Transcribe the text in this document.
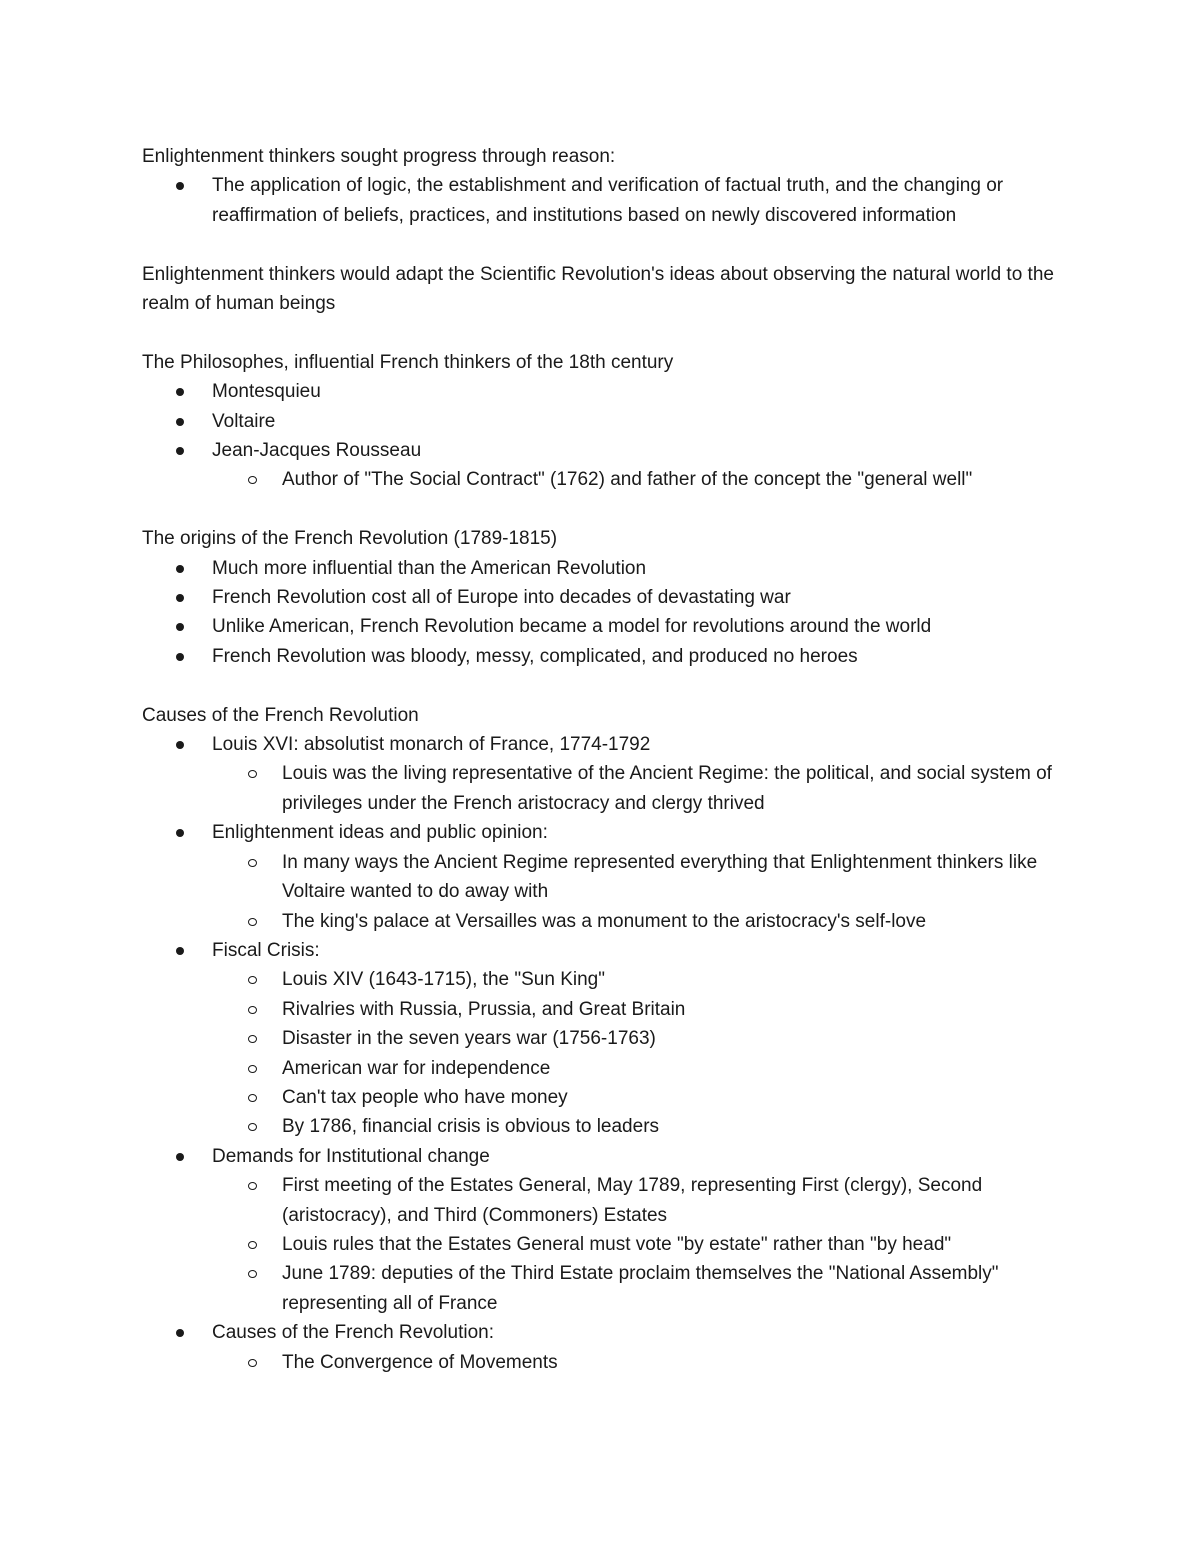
Enlightenment thinkers sought progress through reason:
The application of logic, the establishment and verification of factual truth, and the changing or reaffirmation of beliefs, practices, and institutions based on newly discovered information
Enlightenment thinkers would adapt the Scientific Revolution's ideas about observing the natural world to the realm of human beings
The Philosophes, influential French thinkers of the 18th century
Montesquieu
Voltaire
Jean-Jacques Rousseau
Author of "The Social Contract" (1762) and father of the concept the "general well"
The origins of the French Revolution (1789-1815)
Much more influential than the American Revolution
French Revolution cost all of Europe into decades of devastating war
Unlike American, French Revolution became a model for revolutions around the world
French Revolution was bloody, messy, complicated, and produced no heroes
Causes of the French Revolution
Louis XVI: absolutist monarch of France, 1774-1792
Louis was the living representative of the Ancient Regime: the political, and social system of privileges under the French aristocracy and clergy thrived
Enlightenment ideas and public opinion:
In many ways the Ancient Regime represented everything that Enlightenment thinkers like Voltaire wanted to do away with
The king's palace at Versailles was a monument to the aristocracy's self-love
Fiscal Crisis:
Louis XIV (1643-1715), the "Sun King"
Rivalries with Russia, Prussia, and Great Britain
Disaster in the seven years war (1756-1763)
American war for independence
Can't tax people who have money
By 1786, financial crisis is obvious to leaders
Demands for Institutional change
First meeting of the Estates General, May 1789, representing First (clergy), Second (aristocracy), and Third (Commoners) Estates
Louis rules that the Estates General must vote "by estate" rather than "by head"
June 1789: deputies of the Third Estate proclaim themselves the "National Assembly" representing all of France
Causes of the French Revolution:
The Convergence of Movements
